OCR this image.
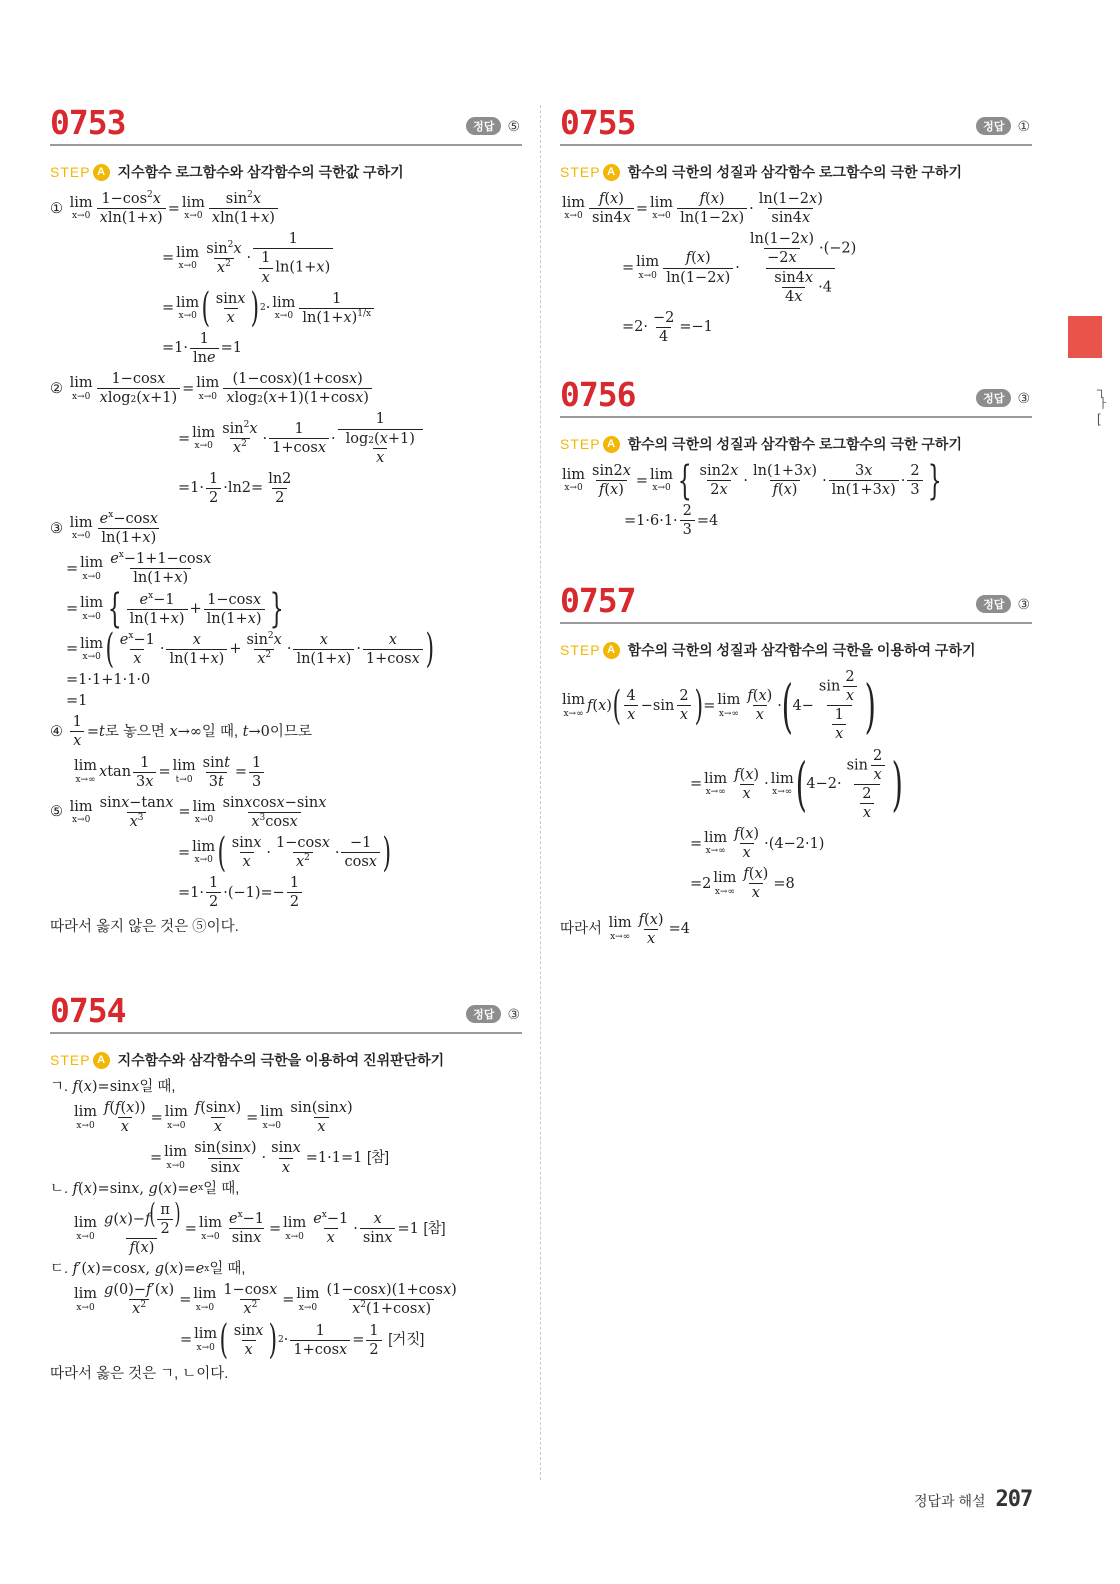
┐
ㅏ
[
0753	정답 ⑤
STEP A 지수함수 로그함수와 삼각함수의 극한값 구하기
① lim
$x\to 0 \frac{1-\cos^2x}{xln(1+x)} = \lim$
$x\to 0 \frac{\sin^2x}{xln(1+x)}$
= lim
$x\to 0 \frac{\sin^2x}{x^2} \cdot \frac{1}{\frac{1}{x} \ln(1+x)}$
= lim
x→0 ( $\frac{\sin x}{x}$ ) 2 · lim
$x\to 0 \frac{1}{\ln(1+x)^{1/x}}$
$=1\cdot \frac{1}{\ln e} =1$
② lim
$x\to 0 \frac{1-\cos x}{xlog2(x+1)} = \lim$
$x\to 0 \frac{(1-\cos x)(1+\cos x)}{xlog2(x+1)(1+\cos x)}$
= lim
$x\to 0 \frac{\sin^2x}{x^2} \cdot \frac{1}{1+\cos x} \cdot \frac{1}{\frac{\log 2(x+1)}{x}}$
$=1\cdot \frac{1}{2} \cdot\ln 2= \frac{\ln 2}{2}$
③ lim
$x\to 0 \frac{e^x-\cos x}{\ln(1+x)}$
= lim
$x\to 0 \frac{e^x-1+1-\cos x}{\ln(1+x)}$
= lim
x→0 { $\frac{e^x-1}{\ln(1+x)} + \frac{1-\cos x}{\ln(1+x)}$ }
= lim
x→0 ( $\frac{e^x-1}{x} \cdot \frac{x}{\ln(1+x)} + \frac{\sin^2x}{x^2} \cdot \frac{x}{\ln(1+x)} \cdot \frac{x}{1+\cos x}$ )
=1·1+1·1·0
=1
④ $\frac{1}{x} = t$ 로 놓으면
x →∞ 일 때,
t →0 이므로
lim
x→∞ x $\tan \frac{1}{3x} = \lim$
$t\to 0 \frac{\sin t}{3t} = \frac{1}{3}$
⑤ lim
$x\to 0 \frac{\sin x-\tan x}{x^3} = \lim$
$x\to 0 \frac{\text{sinxcosx−sinx}}{x^3\cos x}$
= lim
x→0 ( $\frac{\sin x}{x} \cdot \frac{1-\cos x}{x^2} \cdot \frac{-1}{\cos x}$ )
$=1\cdot \frac{1}{2} \cdot(-1)=- \frac{1}{2}$
따라서 옳지 않은 것은 ⑤이다.
0754	정답 ③
STEP A 지수함수와 삼각함수의 극한을 이용하여 진위판단하기
ㄱ.
f ( x )=sin x 일 때,
lim
$x\to 0 \frac{f(f(x))}{x} = \lim$
$x\to 0 \frac{f(\sin x)}{x} = \lim$
$x\to 0 \frac{\sin(\sin x)}{x}$
= lim
$x\to 0 \frac{\sin(\sin x)}{\sin x} \cdot \frac{\sin x}{x} =1\cdot 1=1$ [참]
ㄴ.
f ( x )=sin x , g ( x )= e x 일 때,
lim
$x\to 0 \frac{g(x)-f( \frac{\pi}{2} )}{f(x)} = \lim$
$x\to 0 \frac{e^x-1}{\sin x} = \lim$
$x\to 0 \frac{e^x-1}{x} \cdot \frac{x}{\sin x} =1$ [참]
ㄷ.
f ′( x )=cos x , g ( x )= e x 일 때,
lim
$x\to 0 \frac{g(0)-f'(x)}{x^2} = \lim$
$x\to 0 \frac{1-\cos x}{x^2} = \lim$
$x\to 0 \frac{(1-\cos x)(1+\cos x)}{x^2(1+\cos x)}$
= lim
x→0 ( $\frac{\sin x}{x}$ ) $2 \cdot \frac{1}{1+\cos x} = \frac{1}{2}$
[거짓]
따라서 옳은 것은 ㄱ, ㄴ이다.
0755	정답 ①
STEP A 함수의 극한의 성질과 삼각함수 로그함수의 극한 구하기
lim
$x\to 0 \frac{f(x)}{\sin 4x} = \lim$
$x\to 0 \frac{f(x)}{\ln(1-2x)} \cdot \frac{\ln(1-2x)}{\sin 4x}$
= lim
$x\to 0 \frac{f(x)}{\ln(1-2x)} \cdot \frac{\frac{\ln(1-2x)}{-2x} \cdot(-2)}{\frac{\sin 4x}{4x} \cdot 4}$
$=2\cdot \frac{-2}{4} =-1$
0756	정답 ③
STEP A 함수의 극한의 성질과 삼각함수 로그함수의 극한 구하기
lim
$x\to 0 \frac{\sin 2x}{f(x)} = \lim$
x→0 { $\frac{\sin 2x}{2x} \cdot \frac{\ln(1+3x)}{f(x)} \cdot \frac{3x}{\ln(1+3x)} \cdot \frac{2}{3}$ }
$=1\cdot 6\cdot 1\cdot \frac{2}{3} =4$
0757	정답 ③
STEP A 함수의 극한의 성질과 삼각함수의 극한을 이용하여 구하기
lim
x→∞ f ( x ) ( $\frac{4}{x} -\sin \frac{2}{x}$ ) = lim
$x\to\infty \frac{f(x)}{x}$ · ( $4- \frac{\sin \frac{2}{x}}{\frac{1}{x}}$ )
= lim
$x\to\infty \frac{f(x)}{x} \cdot \lim$
x→∞ ( $4-2\cdot \frac{\sin \frac{2}{x}}{\frac{2}{x}}$ )
= lim
$x\to\infty \frac{f(x)}{x} \cdot(4-2\cdot 1)$
=2 lim
$x\to\infty \frac{f(x)}{x} =8$
따라서
lim
$x\to\infty \frac{f(x)}{x} =4$
정답과 해설 207
